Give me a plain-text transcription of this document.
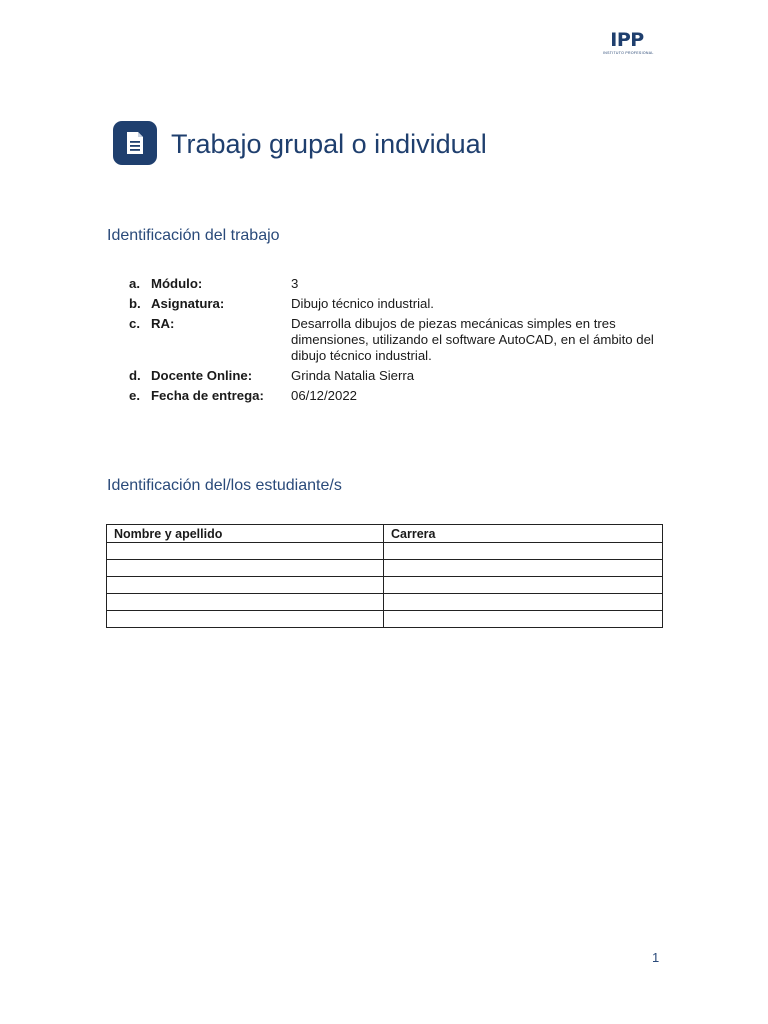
IPP
INSTITUTO PROFESIONAL
Trabajo grupal o individual
Identificación del trabajo
a. Módulo:	3
b. Asignatura:	Dibujo técnico industrial.
c. RA:	Desarrolla dibujos de piezas mecánicas simples en tres dimensiones, utilizando el software AutoCAD, en el ámbito del dibujo técnico industrial.
d. Docente Online:	Grinda Natalia Sierra
e. Fecha de entrega:	06/12/2022
Identificación del/los estudiante/s
Nombre y apellido	Carrera

1
